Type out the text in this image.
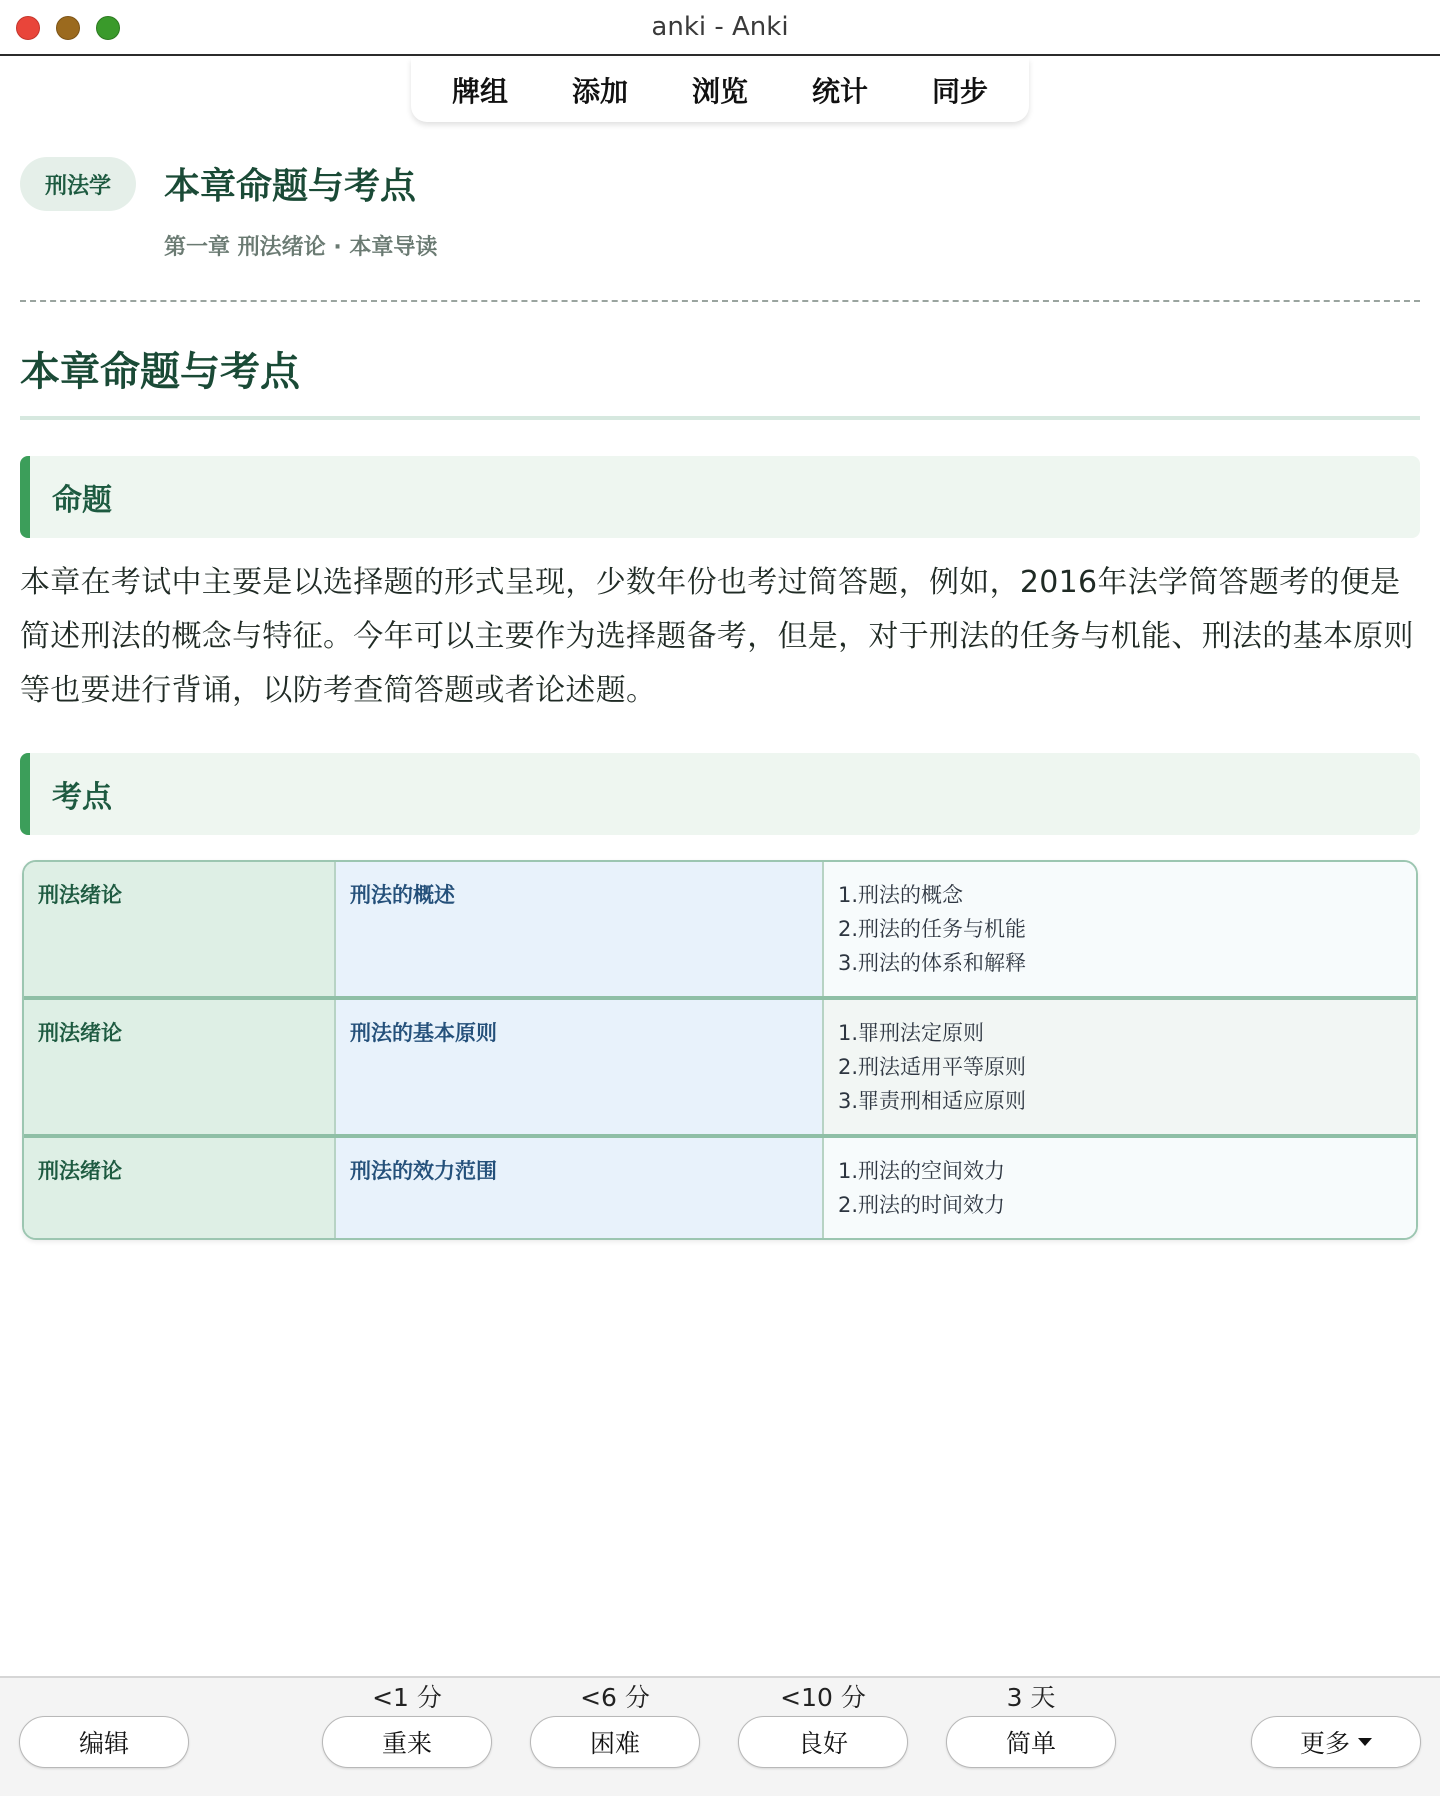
anki - Anki
牌组	添加	浏览	统计	同步
刑法学	本章命题与考点
第一章 刑法绪论 · 本章导读
本章命题与考点
命题
本章在考试中主要是以选择题的形式呈现，少数年份也考过简答题，例如，2016年法学简答题考的便是简述刑法的概念与特征。今年可以主要作为选择题备考，但是，对于刑法的任务与机能、刑法的基本原则等也要进行背诵，以防考查简答题或者论述题。
考点
刑法绪论	刑法的概述	1.刑法的概念
2.刑法的任务与机能
3.刑法的体系和解释
刑法绪论	刑法的基本原则	1.罪刑法定原则
2.刑法适用平等原则
3.罪责刑相适应原则
刑法绪论	刑法的效力范围	1.刑法的空间效力
2.刑法的时间效力
<1 分	<6 分	<10 分	3 天
编辑	重来	困难	良好	简单	更多
